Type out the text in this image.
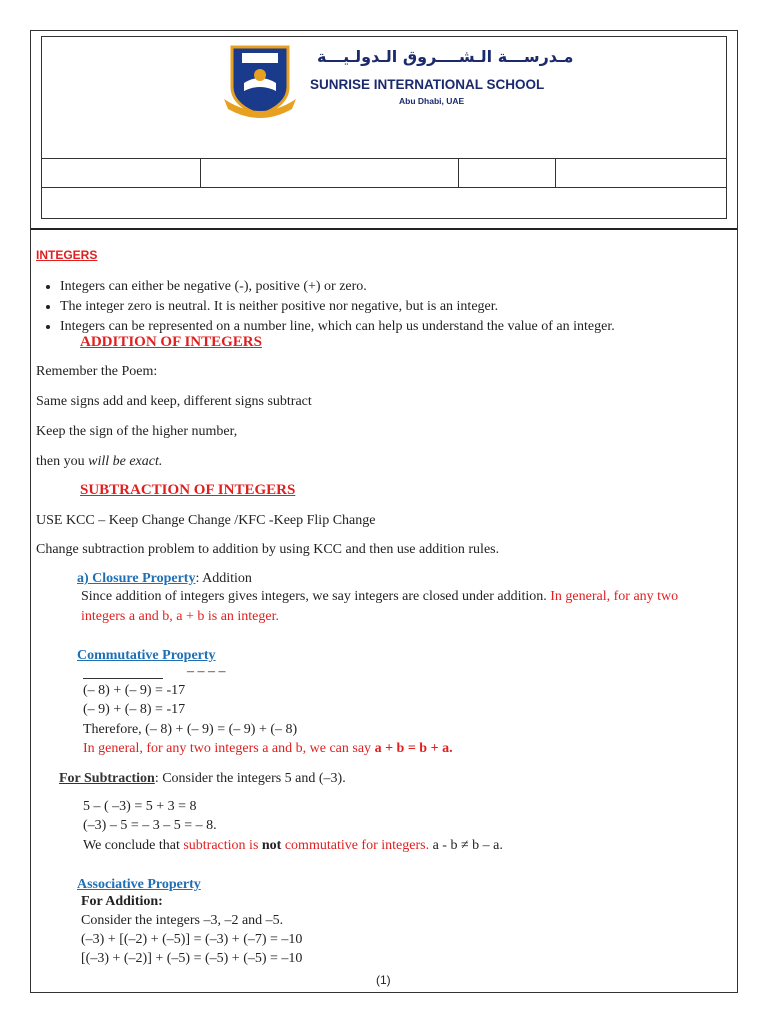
مـدرســـة الـشــــروق الـدولـيـــة
SUNRISE INTERNATIONAL SCHOOL
Abu Dhabi, UAE
INTEGERS
• Integers can either be negative (-), positive (+) or zero.
• The integer zero is neutral. It is neither positive nor negative, but is an integer.
• Integers can be represented on a number line, which can help us understand the value of an integer.
ADDITION OF INTEGERS
Remember the Poem:
Same signs add and keep, different signs subtract
Keep the sign of the higher number,
then you will be exact.
SUBTRACTION OF INTEGERS
USE KCC – Keep Change Change /KFC -Keep Flip Change
Change subtraction problem to addition by using KCC and then use addition rules.
a) Closure Property: Addition
Since addition of integers gives integers, we say integers are closed under addition. In general, for any two
integers a and b, a + b is an integer.
Commutative Property
– – – –
(– 8) + (– 9) = -17
(– 9) + (– 8) = -17
Therefore, (– 8) + (– 9) = (– 9) + (– 8)
In general, for any two integers a and b, we can say a + b = b + a.
For Subtraction: Consider the integers 5 and (–3).
5 – ( –3) = 5 + 3 = 8
(–3) – 5 = – 3 – 5 = – 8.
We conclude that subtraction is not commutative for integers. a - b ≠ b – a.
Associative Property
For Addition:
Consider the integers –3, –2 and –5.
(–3) + [(–2) + (–5)] = (–3) + (–7) = –10
[(–3) + (–2)] + (–5) = (–5) + (–5) = –10
(1)
